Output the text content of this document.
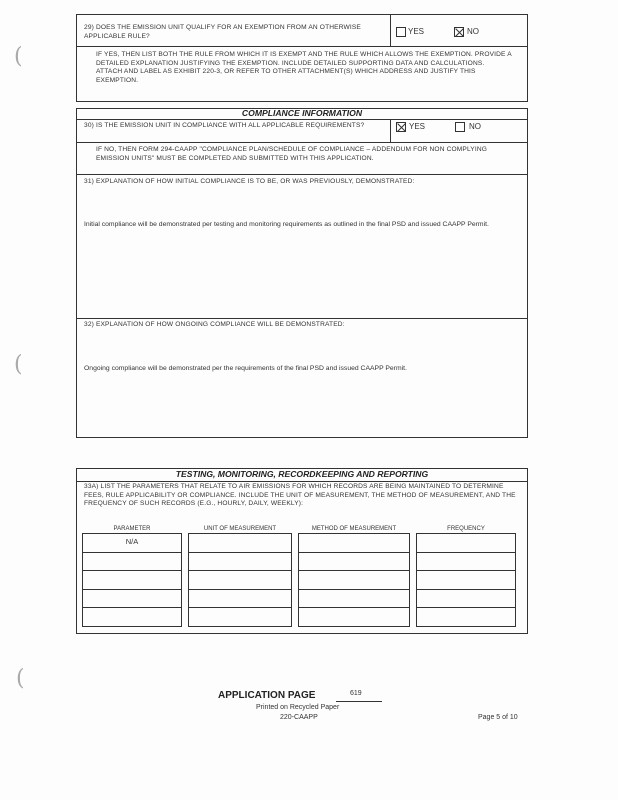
(
(
(
29) DOES THE EMISSION UNIT QUALIFY FOR AN EXEMPTION FROM AN OTHERWISE APPLICABLE RULE?
YES	NO
IF YES, THEN LIST BOTH THE RULE FROM WHICH IT IS EXEMPT AND THE RULE WHICH ALLOWS THE EXEMPTION. PROVIDE A DETAILED EXPLANATION JUSTIFYING THE EXEMPTION. INCLUDE DETAILED SUPPORTING DATA AND CALCULATIONS. ATTACH AND LABEL AS EXHIBIT 220-3, OR REFER TO OTHER ATTACHMENT(S) WHICH ADDRESS AND JUSTIFY THIS EXEMPTION.
COMPLIANCE INFORMATION
30) IS THE EMISSION UNIT IN COMPLIANCE WITH ALL APPLICABLE REQUIREMENTS?	YES	NO
IF NO, THEN FORM 294-CAAPP "COMPLIANCE PLAN/SCHEDULE OF COMPLIANCE – ADDENDUM FOR NON COMPLYING EMISSION UNITS" MUST BE COMPLETED AND SUBMITTED WITH THIS APPLICATION.
31) EXPLANATION OF HOW INITIAL COMPLIANCE IS TO BE, OR WAS PREVIOUSLY, DEMONSTRATED:
Initial compliance will be demonstrated per testing and monitoring requirements as outlined in the final PSD and issued CAAPP Permit.
32) EXPLANATION OF HOW ONGOING COMPLIANCE WILL BE DEMONSTRATED:
Ongoing compliance will be demonstrated per the requirements of the final PSD and issued CAAPP Permit.
TESTING, MONITORING, RECORDKEEPING AND REPORTING
33A) LIST THE PARAMETERS THAT RELATE TO AIR EMISSIONS FOR WHICH RECORDS ARE BEING MAINTAINED TO DETERMINE FEES, RULE APPLICABILITY OR COMPLIANCE. INCLUDE THE UNIT OF MEASUREMENT, THE METHOD OF MEASUREMENT, AND THE FREQUENCY OF SUCH RECORDS (E.G., HOURLY, DAILY, WEEKLY):
PARAMETER	UNIT OF MEASUREMENT	METHOD OF MEASUREMENT	FREQUENCY
N/A
APPLICATION PAGE	619
Printed on Recycled Paper
220-CAAPP	Page 5 of 10
